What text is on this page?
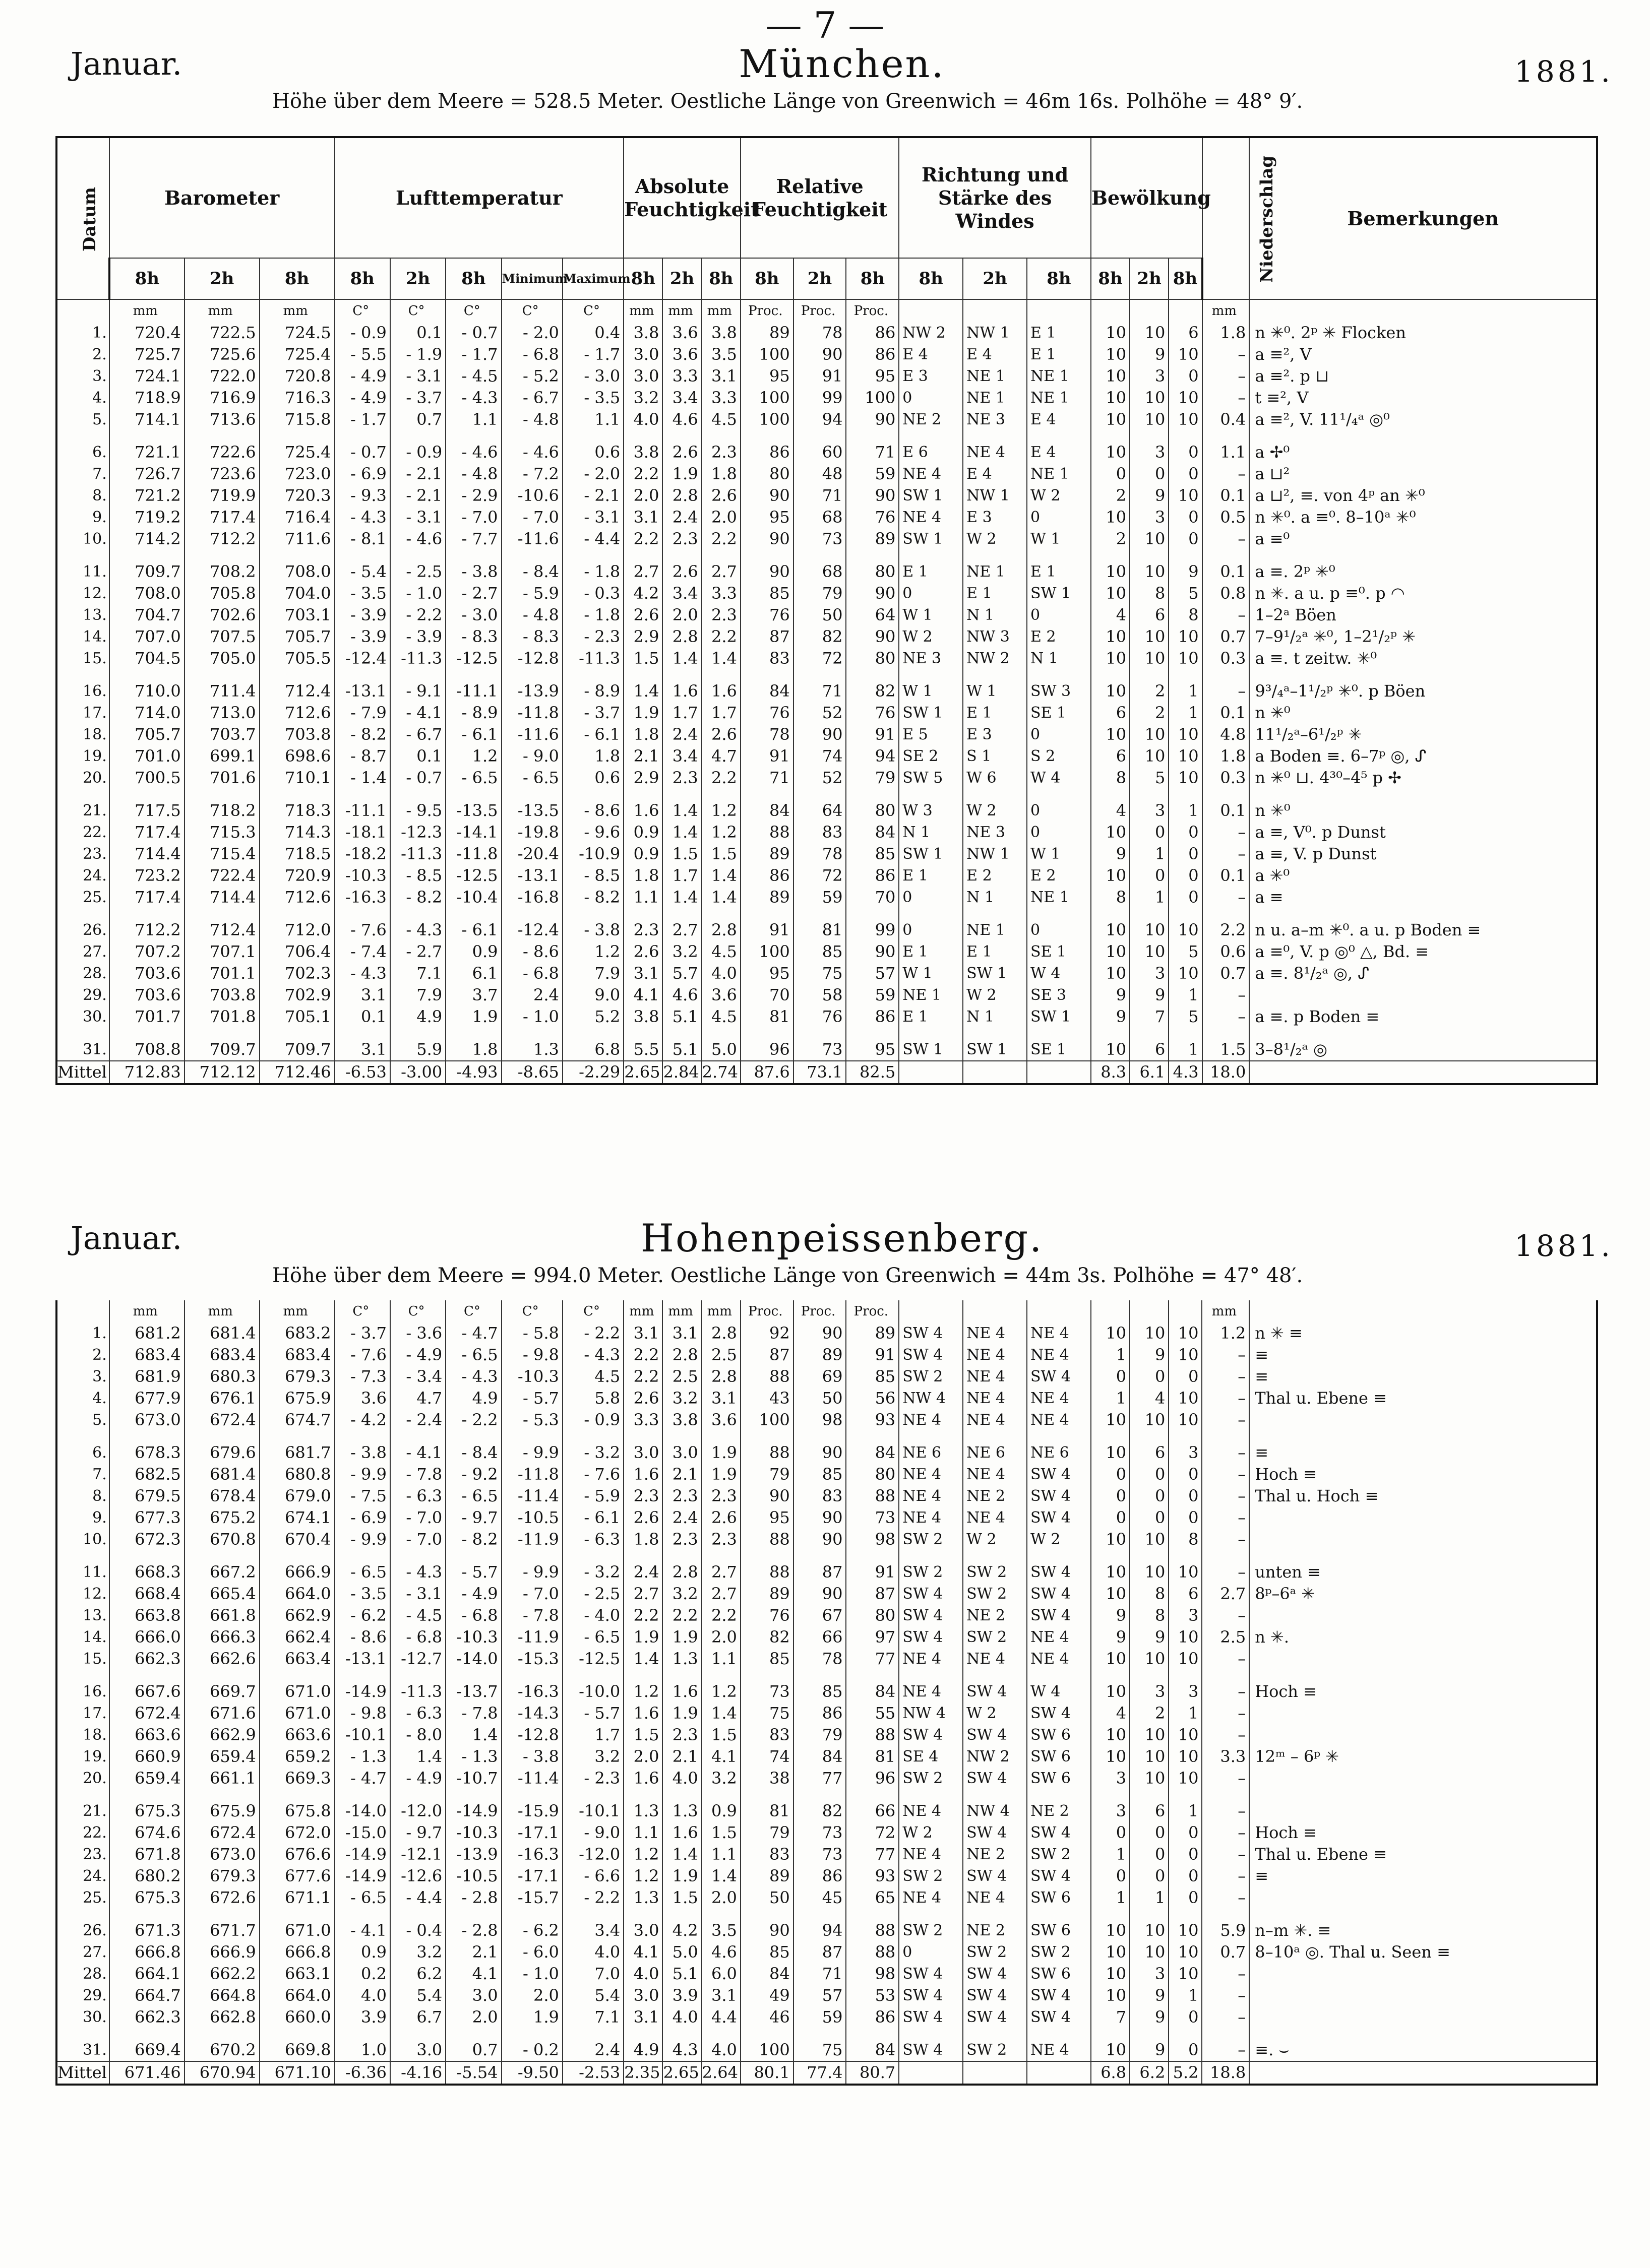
— 7 —
Januar.	München.	1881.
Höhe über dem Meere = 528.5 Meter. Oestliche Länge von Greenwich = 46m 16s. Polhöhe = 48° 9′.
Datum	Barometer			Lufttemperatur					Absolute Feuchtigkeit			Relative Feuchtigkeit			Richtung und Stärke des Windes			Bewölkung			Niederschlag	Bemerkungen
	8h	2h	8h	8h	2h	8h	Minimum	Maximum	8h	2h	8h	8h	2h	8h	8h	2h	8h	8h	2h	8h		
	mm	mm	mm	C°	C°	C°	C°	C°	mm	mm	mm	Proc.	Proc.	Proc.							mm	
1.	720.4	722.5	724.5	- 0.9	0.1	- 0.7	- 2.0	0.4	3.8	3.6	3.8	89	78	86	NW 2	NW 1	E 1	10	10	6	1.8	n ✳⁰. 2ᵖ ✳ Flocken
2.	725.7	725.6	725.4	- 5.5	- 1.9	- 1.7	- 6.8	- 1.7	3.0	3.6	3.5	100	90	86	E 4	E 4	E 1	10	9	10	–	a ≡², V
3.	724.1	722.0	720.8	- 4.9	- 3.1	- 4.5	- 5.2	- 3.0	3.0	3.3	3.1	95	91	95	E 3	NE 1	NE 1	10	3	0	–	a ≡². p ⊔
4.	718.9	716.9	716.3	- 4.9	- 3.7	- 4.3	- 6.7	- 3.5	3.2	3.4	3.3	100	99	100	0	NE 1	NE 1	10	10	10	–	t ≡², V
5.	714.1	713.6	715.8	- 1.7	0.7	1.1	- 4.8	1.1	4.0	4.6	4.5	100	94	90	NE 2	NE 3	E 4	10	10	10	0.4	a ≡², V. 11¹/₄ᵃ ◎⁰
6.	721.1	722.6	725.4	- 0.7	- 0.9	- 4.6	- 4.6	0.6	3.8	2.6	2.3	86	60	71	E 6	NE 4	E 4	10	3	0	1.1	a ✢⁰
7.	726.7	723.6	723.0	- 6.9	- 2.1	- 4.8	- 7.2	- 2.0	2.2	1.9	1.8	80	48	59	NE 4	E 4	NE 1	0	0	0	–	a ⊔²
8.	721.2	719.9	720.3	- 9.3	- 2.1	- 2.9	-10.6	- 2.1	2.0	2.8	2.6	90	71	90	SW 1	NW 1	W 2	2	9	10	0.1	a ⊔², ≡. von 4ᵖ an ✳⁰
9.	719.2	717.4	716.4	- 4.3	- 3.1	- 7.0	- 7.0	- 3.1	3.1	2.4	2.0	95	68	76	NE 4	E 3	0	10	3	0	0.5	n ✳⁰. a ≡⁰. 8–10ᵃ ✳⁰
10.	714.2	712.2	711.6	- 8.1	- 4.6	- 7.7	-11.6	- 4.4	2.2	2.3	2.2	90	73	89	SW 1	W 2	W 1	2	10	0	–	a ≡⁰
11.	709.7	708.2	708.0	- 5.4	- 2.5	- 3.8	- 8.4	- 1.8	2.7	2.6	2.7	90	68	80	E 1	NE 1	E 1	10	10	9	0.1	a ≡. 2ᵖ ✳⁰
12.	708.0	705.8	704.0	- 3.5	- 1.0	- 2.7	- 5.9	- 0.3	4.2	3.4	3.3	85	79	90	0	E 1	SW 1	10	8	5	0.8	n ✳. a u. p ≡⁰. p ◠
13.	704.7	702.6	703.1	- 3.9	- 2.2	- 3.0	- 4.8	- 1.8	2.6	2.0	2.3	76	50	64	W 1	N 1	0	4	6	8	–	1–2ᵃ Böen
14.	707.0	707.5	705.7	- 3.9	- 3.9	- 8.3	- 8.3	- 2.3	2.9	2.8	2.2	87	82	90	W 2	NW 3	E 2	10	10	10	0.7	7–9¹/₂ᵃ ✳⁰, 1–2¹/₂ᵖ ✳
15.	704.5	705.0	705.5	-12.4	-11.3	-12.5	-12.8	-11.3	1.5	1.4	1.4	83	72	80	NE 3	NW 2	N 1	10	10	10	0.3	a ≡. t zeitw. ✳⁰
16.	710.0	711.4	712.4	-13.1	- 9.1	-11.1	-13.9	- 8.9	1.4	1.6	1.6	84	71	82	W 1	W 1	SW 3	10	2	1	–	9³/₄ᵃ–1¹/₂ᵖ ✳⁰. p Böen
17.	714.0	713.0	712.6	- 7.9	- 4.1	- 8.9	-11.8	- 3.7	1.9	1.7	1.7	76	52	76	SW 1	E 1	SE 1	6	2	1	0.1	n ✳⁰
18.	705.7	703.7	703.8	- 8.2	- 6.7	- 6.1	-11.6	- 6.1	1.8	2.4	2.6	78	90	91	E 5	E 3	0	10	10	10	4.8	11¹/₂ᵃ–6¹/₂ᵖ ✳
19.	701.0	699.1	698.6	- 8.7	0.1	1.2	- 9.0	1.8	2.1	3.4	4.7	91	74	94	SE 2	S 1	S 2	6	10	10	1.8	a Boden ≡. 6–7ᵖ ◎, ᔑ
20.	700.5	701.6	710.1	- 1.4	- 0.7	- 6.5	- 6.5	0.6	2.9	2.3	2.2	71	52	79	SW 5	W 6	W 4	8	5	10	0.3	n ✳⁰ ⊔. 4³⁰–4⁵ p ✢
21.	717.5	718.2	718.3	-11.1	- 9.5	-13.5	-13.5	- 8.6	1.6	1.4	1.2	84	64	80	W 3	W 2	0	4	3	1	0.1	n ✳⁰
22.	717.4	715.3	714.3	-18.1	-12.3	-14.1	-19.8	- 9.6	0.9	1.4	1.2	88	83	84	N 1	NE 3	0	10	0	0	–	a ≡, V⁰. p Dunst
23.	714.4	715.4	718.5	-18.2	-11.3	-11.8	-20.4	-10.9	0.9	1.5	1.5	89	78	85	SW 1	NW 1	W 1	9	1	0	–	a ≡, V. p Dunst
24.	723.2	722.4	720.9	-10.3	- 8.5	-12.5	-13.1	- 8.5	1.8	1.7	1.4	86	72	86	E 1	E 2	E 2	10	0	0	0.1	a ✳⁰
25.	717.4	714.4	712.6	-16.3	- 8.2	-10.4	-16.8	- 8.2	1.1	1.4	1.4	89	59	70	0	N 1	NE 1	8	1	0	–	a ≡
26.	712.2	712.4	712.0	- 7.6	- 4.3	- 6.1	-12.4	- 3.8	2.3	2.7	2.8	91	81	99	0	NE 1	0	10	10	10	2.2	n u. a–m ✳⁰. a u. p Boden ≡
27.	707.2	707.1	706.4	- 7.4	- 2.7	0.9	- 8.6	1.2	2.6	3.2	4.5	100	85	90	E 1	E 1	SE 1	10	10	5	0.6	a ≡⁰, V. p ◎⁰ △, Bd. ≡
28.	703.6	701.1	702.3	- 4.3	7.1	6.1	- 6.8	7.9	3.1	5.7	4.0	95	75	57	W 1	SW 1	W 4	10	3	10	0.7	a ≡. 8¹/₂ᵃ ◎, ᔑ
29.	703.6	703.8	702.9	3.1	7.9	3.7	2.4	9.0	4.1	4.6	3.6	70	58	59	NE 1	W 2	SE 3	9	9	1	–	
30.	701.7	701.8	705.1	0.1	4.9	1.9	- 1.0	5.2	3.8	5.1	4.5	81	76	86	E 1	N 1	SW 1	9	7	5	–	a ≡. p Boden ≡
31.	708.8	709.7	709.7	3.1	5.9	1.8	1.3	6.8	5.5	5.1	5.0	96	73	95	SW 1	SW 1	SE 1	10	6	1	1.5	3–8¹/₂ᵃ ◎
Mittel	712.83	712.12	712.46	-6.53	-3.00	-4.93	-8.65	-2.29	2.65	2.84	2.74	87.6	73.1	82.5				8.3	6.1	4.3	18.0	
Januar.	Hohenpeissenberg.	1881.
Höhe über dem Meere = 994.0 Meter. Oestliche Länge von Greenwich = 44m 3s. Polhöhe = 47° 48′.
	mm	mm	mm	C°	C°	C°	C°	C°	mm	mm	mm	Proc.	Proc.	Proc.							mm	
1.	681.2	681.4	683.2	- 3.7	- 3.6	- 4.7	- 5.8	- 2.2	3.1	3.1	2.8	92	90	89	SW 4	NE 4	NE 4	10	10	10	1.2	n ✳ ≡
2.	683.4	683.4	683.4	- 7.6	- 4.9	- 6.5	- 9.8	- 4.3	2.2	2.8	2.5	87	89	91	SW 4	NE 4	NE 4	1	9	10	–	≡
3.	681.9	680.3	679.3	- 7.3	- 3.4	- 4.3	-10.3	4.5	2.2	2.5	2.8	88	69	85	SW 2	NE 4	SW 4	0	0	0	–	≡
4.	677.9	676.1	675.9	3.6	4.7	4.9	- 5.7	5.8	2.6	3.2	3.1	43	50	56	NW 4	NE 4	NE 4	1	4	10	–	Thal u. Ebene ≡
5.	673.0	672.4	674.7	- 4.2	- 2.4	- 2.2	- 5.3	- 0.9	3.3	3.8	3.6	100	98	93	NE 4	NE 4	NE 4	10	10	10	–	
6.	678.3	679.6	681.7	- 3.8	- 4.1	- 8.4	- 9.9	- 3.2	3.0	3.0	1.9	88	90	84	NE 6	NE 6	NE 6	10	6	3	–	≡
7.	682.5	681.4	680.8	- 9.9	- 7.8	- 9.2	-11.8	- 7.6	1.6	2.1	1.9	79	85	80	NE 4	NE 4	SW 4	0	0	0	–	Hoch ≡
8.	679.5	678.4	679.0	- 7.5	- 6.3	- 6.5	-11.4	- 5.9	2.3	2.3	2.3	90	83	88	NE 4	NE 2	SW 4	0	0	0	–	Thal u. Hoch ≡
9.	677.3	675.2	674.1	- 6.9	- 7.0	- 9.7	-10.5	- 6.1	2.6	2.4	2.6	95	90	73	NE 4	NE 4	SW 4	0	0	0	–	
10.	672.3	670.8	670.4	- 9.9	- 7.0	- 8.2	-11.9	- 6.3	1.8	2.3	2.3	88	90	98	SW 2	W 2	W 2	10	10	8	–	
11.	668.3	667.2	666.9	- 6.5	- 4.3	- 5.7	- 9.9	- 3.2	2.4	2.8	2.7	88	87	91	SW 2	SW 2	SW 4	10	10	10	–	unten ≡
12.	668.4	665.4	664.0	- 3.5	- 3.1	- 4.9	- 7.0	- 2.5	2.7	3.2	2.7	89	90	87	SW 4	SW 2	SW 4	10	8	6	2.7	8ᵖ–6ᵃ ✳
13.	663.8	661.8	662.9	- 6.2	- 4.5	- 6.8	- 7.8	- 4.0	2.2	2.2	2.2	76	67	80	SW 4	NE 2	SW 4	9	8	3	–	
14.	666.0	666.3	662.4	- 8.6	- 6.8	-10.3	-11.9	- 6.5	1.9	1.9	2.0	82	66	97	SW 4	SW 2	NE 4	9	9	10	2.5	n ✳.
15.	662.3	662.6	663.4	-13.1	-12.7	-14.0	-15.3	-12.5	1.4	1.3	1.1	85	78	77	NE 4	NE 4	NE 4	10	10	10	–	
16.	667.6	669.7	671.0	-14.9	-11.3	-13.7	-16.3	-10.0	1.2	1.6	1.2	73	85	84	NE 4	SW 4	W 4	10	3	3	–	Hoch ≡
17.	672.4	671.6	671.0	- 9.8	- 6.3	- 7.8	-14.3	- 5.7	1.6	1.9	1.4	75	86	55	NW 4	W 2	SW 4	4	2	1	–	
18.	663.6	662.9	663.6	-10.1	- 8.0	1.4	-12.8	1.7	1.5	2.3	1.5	83	79	88	SW 4	SW 4	SW 6	10	10	10	–	
19.	660.9	659.4	659.2	- 1.3	1.4	- 1.3	- 3.8	3.2	2.0	2.1	4.1	74	84	81	SE 4	NW 2	SW 6	10	10	10	3.3	12ᵐ – 6ᵖ ✳
20.	659.4	661.1	669.3	- 4.7	- 4.9	-10.7	-11.4	- 2.3	1.6	4.0	3.2	38	77	96	SW 2	SW 4	SW 6	3	10	10	–	
21.	675.3	675.9	675.8	-14.0	-12.0	-14.9	-15.9	-10.1	1.3	1.3	0.9	81	82	66	NE 4	NW 4	NE 2	3	6	1	–	
22.	674.6	672.4	672.0	-15.0	- 9.7	-10.3	-17.1	- 9.0	1.1	1.6	1.5	79	73	72	W 2	SW 4	SW 4	0	0	0	–	Hoch ≡
23.	671.8	673.0	676.6	-14.9	-12.1	-13.9	-16.3	-12.0	1.2	1.4	1.1	83	73	77	NE 4	NE 2	SW 2	1	0	0	–	Thal u. Ebene ≡
24.	680.2	679.3	677.6	-14.9	-12.6	-10.5	-17.1	- 6.6	1.2	1.9	1.4	89	86	93	SW 2	SW 4	SW 4	0	0	0	–	≡
25.	675.3	672.6	671.1	- 6.5	- 4.4	- 2.8	-15.7	- 2.2	1.3	1.5	2.0	50	45	65	NE 4	NE 4	SW 6	1	1	0	–	
26.	671.3	671.7	671.0	- 4.1	- 0.4	- 2.8	- 6.2	3.4	3.0	4.2	3.5	90	94	88	SW 2	NE 2	SW 6	10	10	10	5.9	n–m ✳. ≡
27.	666.8	666.9	666.8	0.9	3.2	2.1	- 6.0	4.0	4.1	5.0	4.6	85	87	88	0	SW 2	SW 2	10	10	10	0.7	8–10ᵃ ◎. Thal u. Seen ≡
28.	664.1	662.2	663.1	0.2	6.2	4.1	- 1.0	7.0	4.0	5.1	6.0	84	71	98	SW 4	SW 4	SW 6	10	3	10	–	
29.	664.7	664.8	664.0	4.0	5.4	3.0	2.0	5.4	3.0	3.9	3.1	49	57	53	SW 4	SW 4	SW 4	10	9	1	–	
30.	662.3	662.8	660.0	3.9	6.7	2.0	1.9	7.1	3.1	4.0	4.4	46	59	86	SW 4	SW 4	SW 4	7	9	0	–	
31.	669.4	670.2	669.8	1.0	3.0	0.7	- 0.2	2.4	4.9	4.3	4.0	100	75	84	SW 4	SW 2	NE 4	10	9	0	–	≡. ⌣
Mittel	671.46	670.94	671.10	-6.36	-4.16	-5.54	-9.50	-2.53	2.35	2.65	2.64	80.1	77.4	80.7				6.8	6.2	5.2	18.8	
